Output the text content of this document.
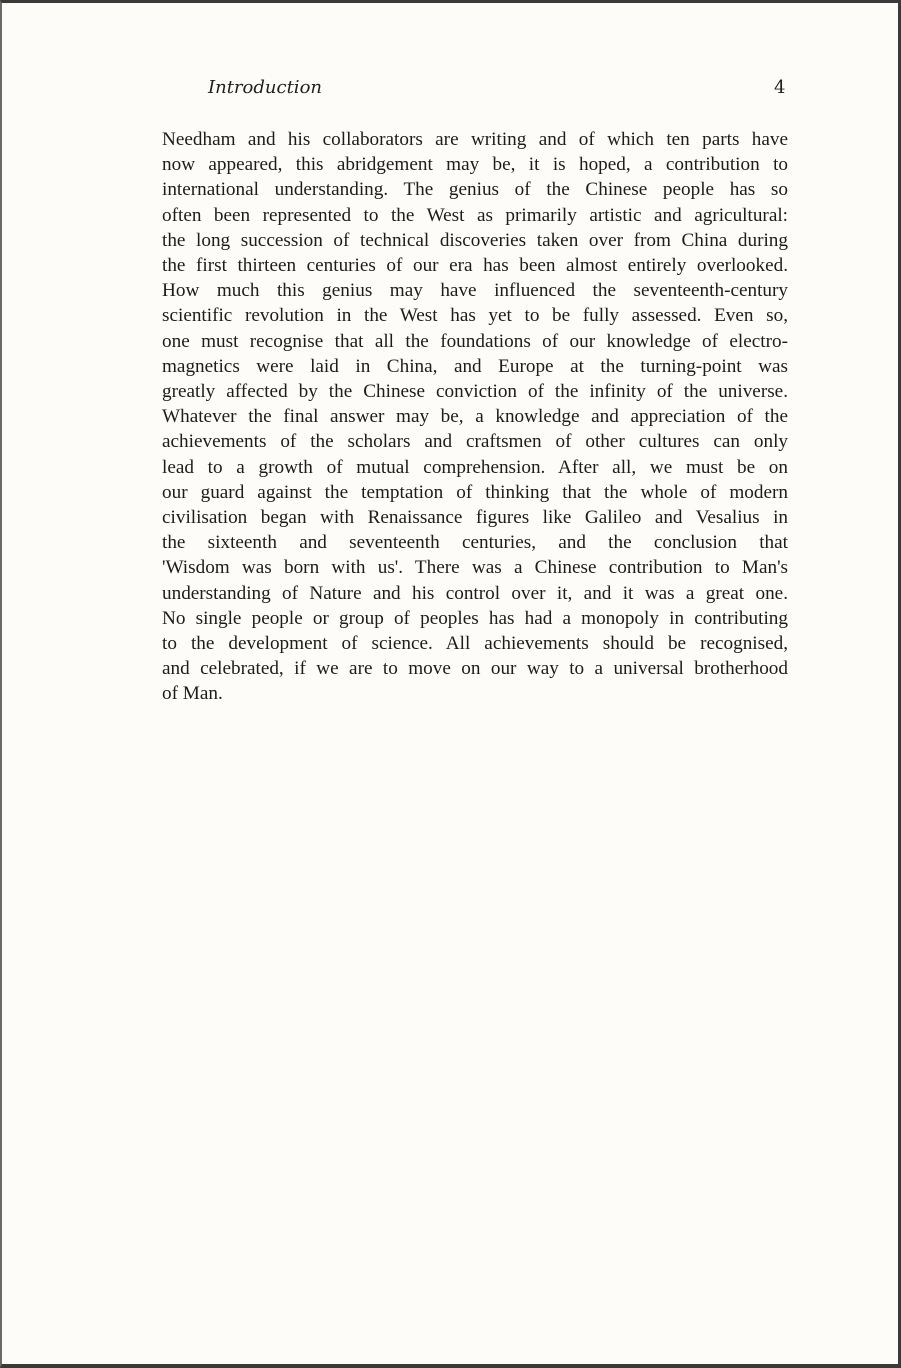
Introduction	4
Needham and his collaborators are writing and of which ten parts have
now appeared, this abridgement may be, it is hoped, a contribution to
international understanding. The genius of the Chinese people has so
often been represented to the West as primarily artistic and agricultural:
the long succession of technical discoveries taken over from China during
the first thirteen centuries of our era has been almost entirely overlooked.
How much this genius may have influenced the seventeenth-century
scientific revolution in the West has yet to be fully assessed. Even so,
one must recognise that all the foundations of our knowledge of electro-
magnetics were laid in China, and Europe at the turning-point was
greatly affected by the Chinese conviction of the infinity of the universe.
Whatever the final answer may be, a knowledge and appreciation of the
achievements of the scholars and craftsmen of other cultures can only
lead to a growth of mutual comprehension. After all, we must be on
our guard against the temptation of thinking that the whole of modern
civilisation began with Renaissance figures like Galileo and Vesalius in
the sixteenth and seventeenth centuries, and the conclusion that
'Wisdom was born with us'. There was a Chinese contribution to Man's
understanding of Nature and his control over it, and it was a great one.
No single people or group of peoples has had a monopoly in contributing
to the development of science. All achievements should be recognised,
and celebrated, if we are to move on our way to a universal brotherhood
of Man.
